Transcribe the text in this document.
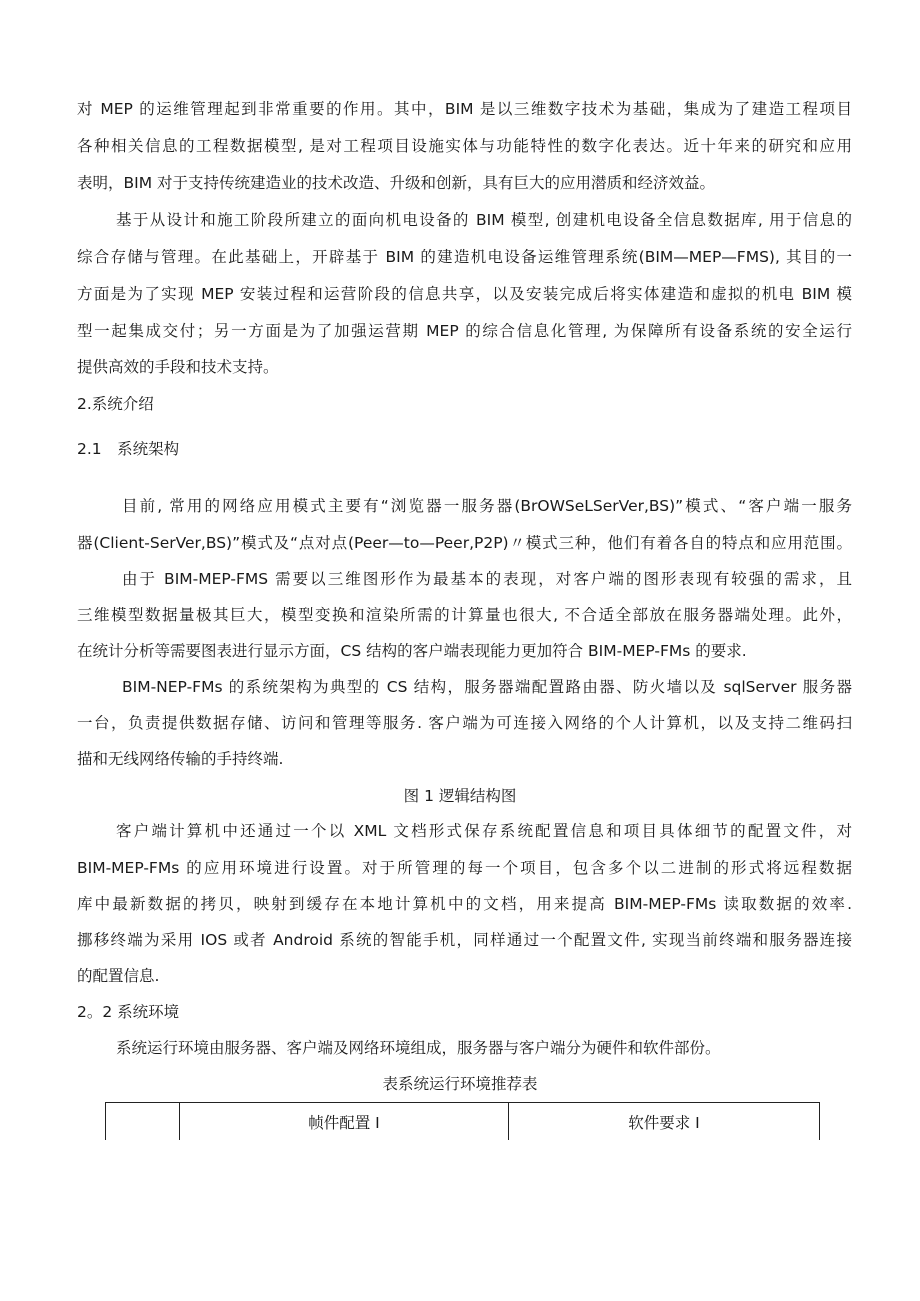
对 MEP 的运维管理起到非常重要的作用。其中，BIM 是以三维数字技术为基础，集成为了建造工程项目
各种相关信息的工程数据模型, 是对工程项目设施实体与功能特性的数字化表达。近十年来的研究和应用
表明，BIM 对于支持传统建造业的技术改造、升级和创新，具有巨大的应用潜质和经济效益。
基于从设计和施工阶段所建立的面向机电设备的 BIM 模型, 创建机电设备全信息数据库, 用于信息的
综合存储与管理。在此基础上，开辟基于 BIM 的建造机电设备运维管理系统(BIM—MEP—FMS), 其目的一
方面是为了实现 MEP 安装过程和运营阶段的信息共享，以及安装完成后将实体建造和虚拟的机电 BIM 模
型一起集成交付；另一方面是为了加强运营期 MEP 的综合信息化管理, 为保障所有设备系统的安全运行
提供高效的手段和技术支持。
2.系统介绍
2.1　系统架构
目前, 常用的网络应用模式主要有“浏览器一服务器(BrOWSeLSerVer,BS)”模式、“客户端一服务
器(Client-SerVer,BS)”模式及“点对点(Peer—to—Peer,P2P)〃模式三种，他们有着各自的特点和应用范围。
由于 BIM-MEP-FMS 需要以三维图形作为最基本的表现，对客户端的图形表现有较强的需求，且
三维模型数据量极其巨大，模型变换和渲染所需的计算量也很大, 不合适全部放在服务器端处理。此外，
在统计分析等需要图表进行显示方面，CS 结构的客户端表现能力更加符合 BIM-MEP-FMs 的要求.
BIM-NEP-FMs 的系统架构为典型的 CS 结构，服务器端配置路由器、防火墙以及 sqlServer 服务器
一台，负责提供数据存储、访问和管理等服务. 客户端为可连接入网络的个人计算机，以及支持二维码扫
描和无线网络传输的手持终端.
图 1 逻辑结构图
客户端计算机中还通过一个以 XML 文档形式保存系统配置信息和项目具体细节的配置文件，对
BIM-MEP-FMs 的应用环境进行设置。对于所管理的每一个项目，包含多个以二进制的形式将远程数据
库中最新数据的拷贝，映射到缓存在本地计算机中的文档，用来提高 BIM-MEP-FMs 读取数据的效率.
挪移终端为采用 IOS 或者 Android 系统的智能手机，同样通过一个配置文件, 实现当前终端和服务器连接
的配置信息.
2。2 系统环境
系统运行环境由服务器、客户端及网络环境组成，服务器与客户端分为硬件和软件部份。
表系统运行环境推荐表
	帧件配置 I	软件要求 I
